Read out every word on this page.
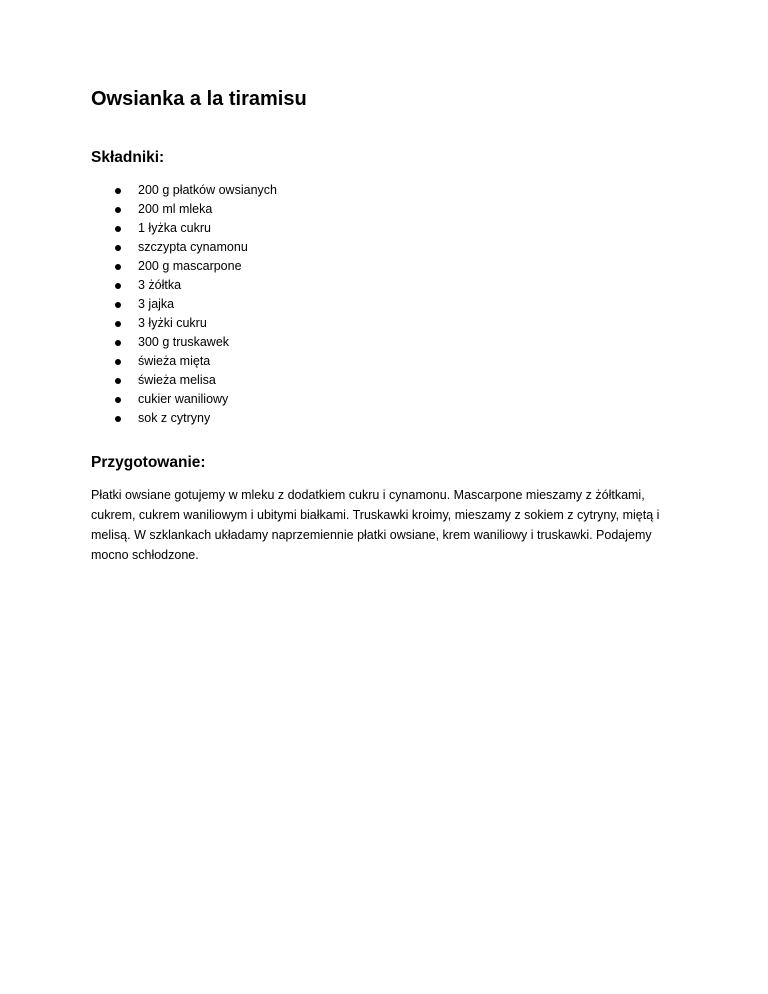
Owsianka a la tiramisu
Składniki:
200 g płatków owsianych
200 ml mleka
1 łyżka cukru
szczypta cynamonu
200 g mascarpone
3 żółtka
3 jajka
3 łyżki cukru
300 g truskawek
świeża mięta
świeża melisa
cukier waniliowy
sok z cytryny
Przygotowanie:

Płatki owsiane gotujemy w mleku z dodatkiem cukru i cynamonu. Mascarpone mieszamy z żółtkami, cukrem, cukrem waniliowym i ubitymi białkami. Truskawki kroimy, mieszamy z sokiem z cytryny, miętą i melisą. W szklankach układamy naprzemiennie płatki owsiane, krem waniliowy i truskawki. Podajemy mocno schłodzone.
